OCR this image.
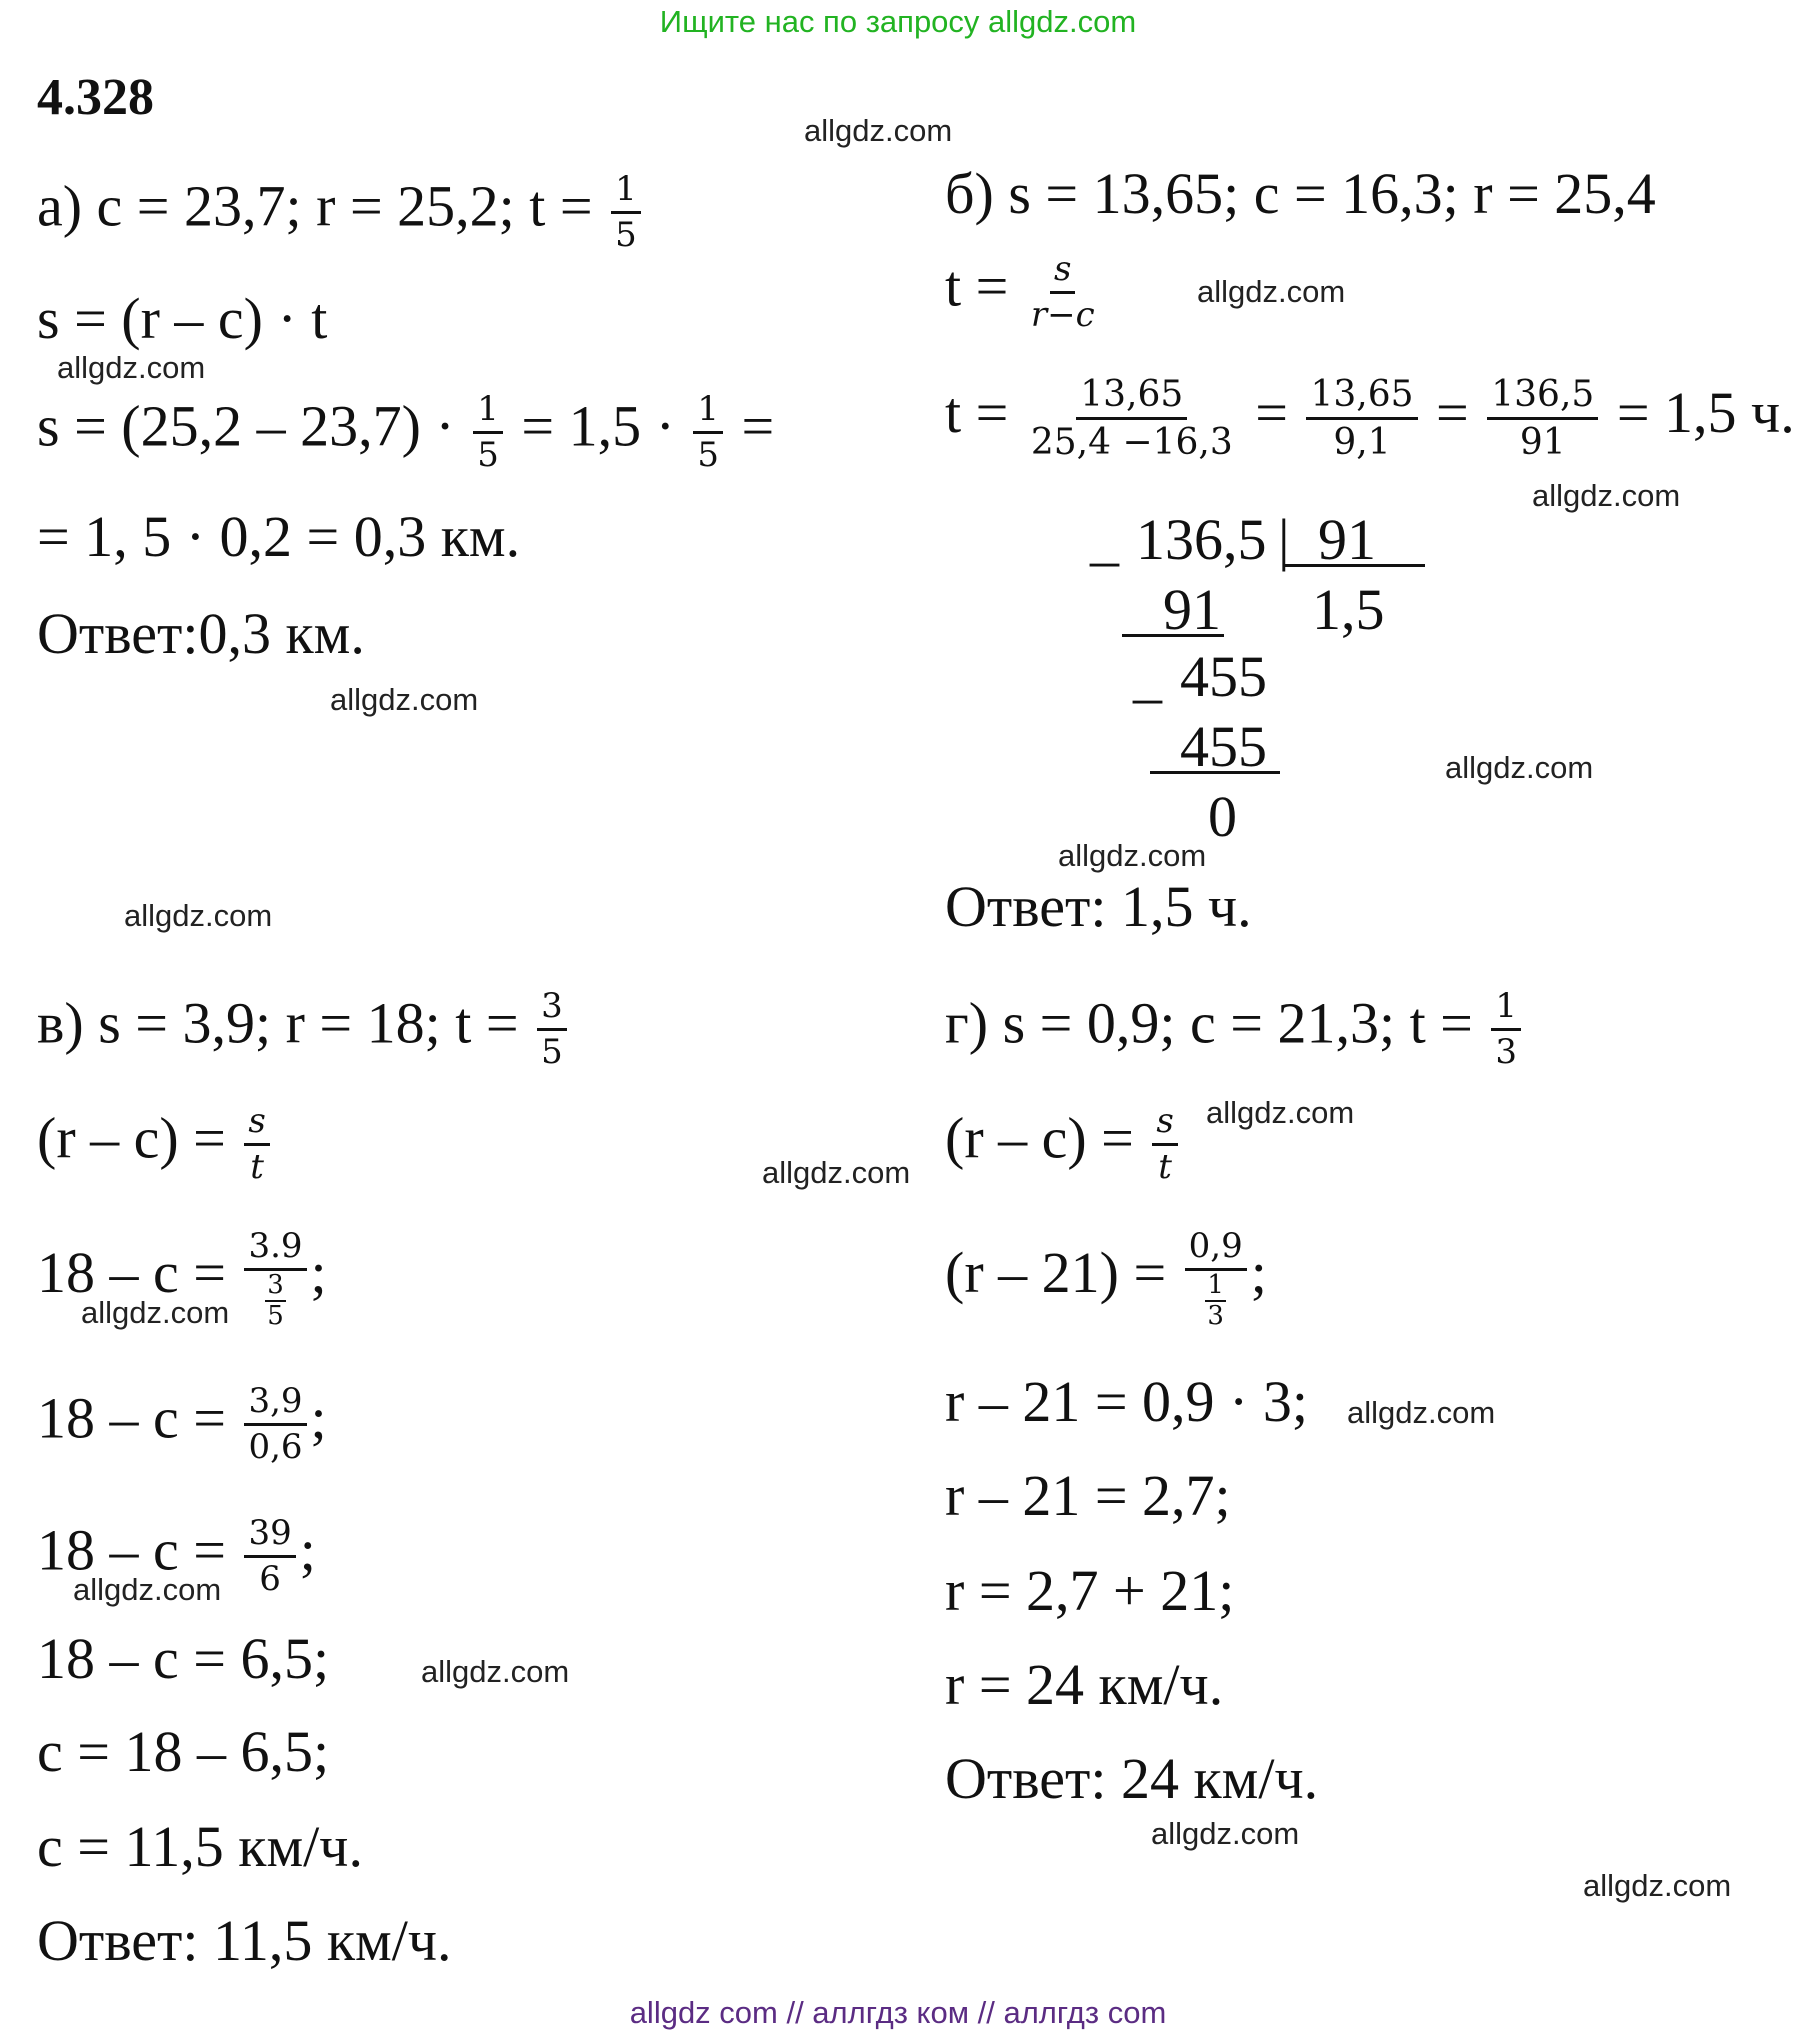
Ищите нас по запросу allgdz.com
allgdz com // аллгдз ком // аллгдз com
allgdz.com
allgdz.com
allgdz.com
allgdz.com
allgdz.com
allgdz.com
allgdz.com
allgdz.com
allgdz.com
allgdz.com
allgdz.com
allgdz.com
allgdz.com
allgdz.com
allgdz.com
allgdz.com
4.328
а) с = 23,7; r = 25,2; $t = \frac{1}{5}$
s = (r – c) · t
$s = (25,2 - 23,7) \cdot \frac{1}{5} = 1,5 \cdot \frac{1}{5}$ =
= 1, 5 · 0,2 = 0,3 км.
Ответ:0,3 км.
б) s = 13,65; c = 16,3; r = 25,4
$t = \frac{s}{r-c}$
$t = \frac{13,65}{25,4 -16,3} = \frac{13,65}{9,1} = \frac{136,5}{91} = 1,5$ ч.
_ 136,5 | 91
1,5
91
_ 455
455
0
Ответ: 1,5 ч.
в) s = 3,9; r = 18; $t = \frac{3}{5}$
$(r - c) = \frac{s}{t}$
18 – c = 3.9
3
5 ;
$18 - c = \frac{3,9}{0,6}$ ;
$18 - c = \frac{39}{6}$ ;
18 – c = 6,5;
c = 18 – 6,5;
c = 11,5 км/ч.
Ответ: 11,5 км/ч.
г) s = 0,9; c = 21,3; $t = \frac{1}{3}$
$(r - c) = \frac{s}{t}$
(r – 21) = 0,9
1
3 ;
r – 21 = 0,9 · 3;
r – 21 = 2,7;
r = 2,7 + 21;
r = 24 км/ч.
Ответ: 24 км/ч.
